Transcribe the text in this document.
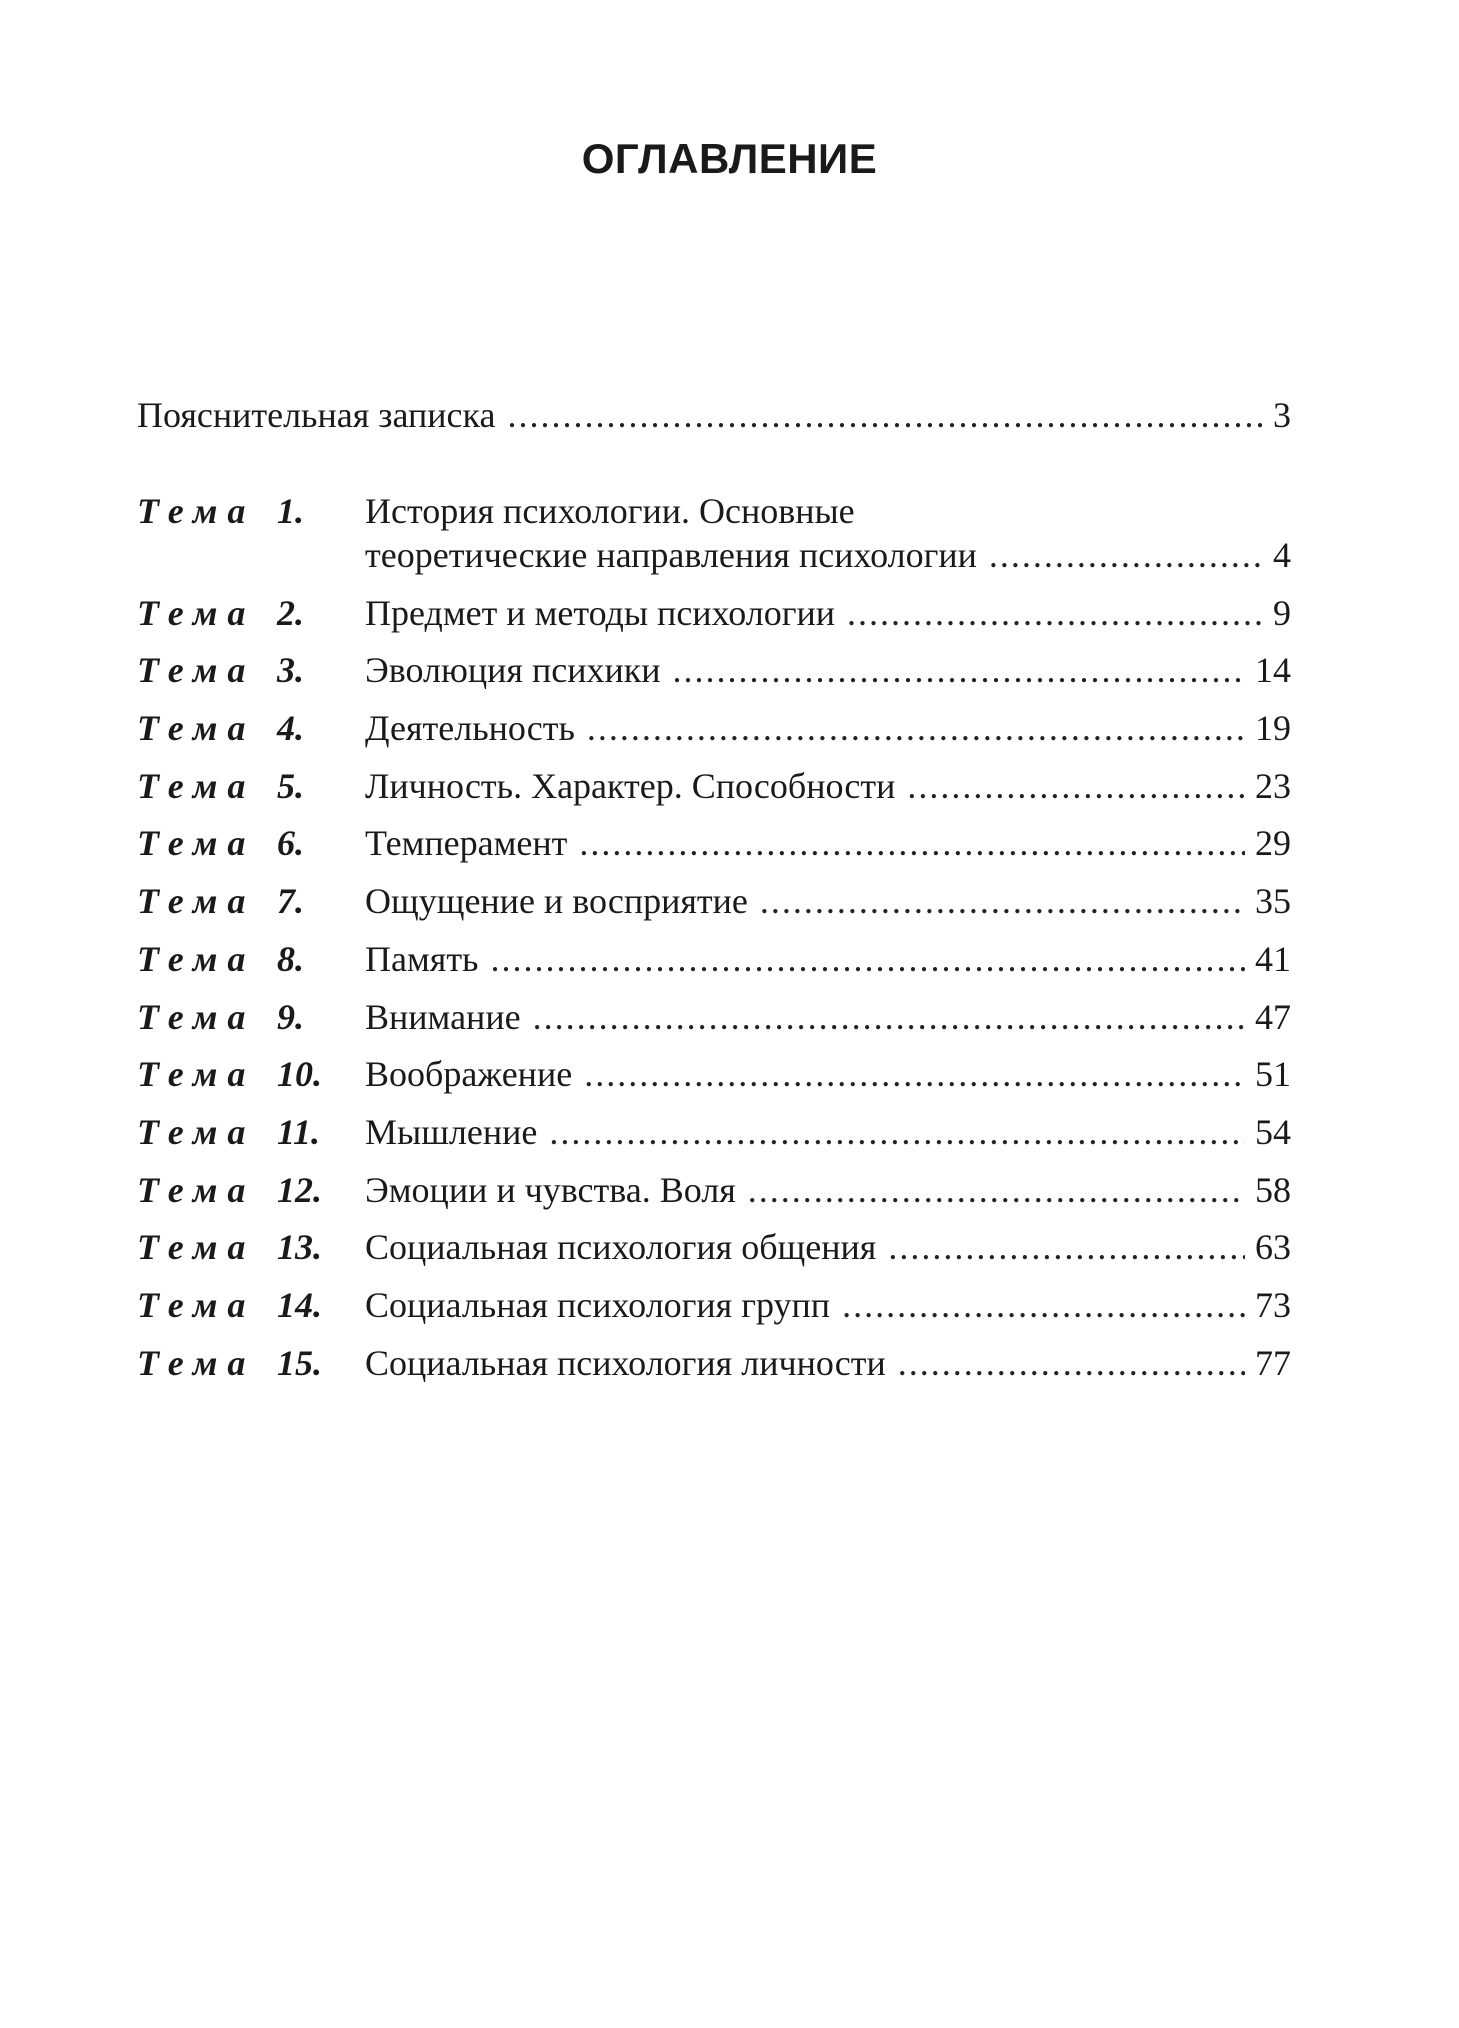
ОГЛАВЛЕНИЕ
Пояснительная записка .....	3
Тема 1. История психологии. Основные
теоретические направления психологии .....	4
Тема 2. Предмет и методы психологии .....	9
Тема 3. Эволюция психики .....	14
Тема 4. Деятельность .....	19
Тема 5. Личность. Характер. Способности .....	23
Тема 6. Темперамент .....	29
Тема 7. Ощущение и восприятие .....	35
Тема 8. Память .....	41
Тема 9. Внимание .....	47
Тема 10. Воображение .....	51
Тема 11. Мышление .....	54
Тема 12. Эмоции и чувства. Воля .....	58
Тема 13. Социальная психология общения .....	63
Тема 14. Социальная психология групп .....	73
Тема 15. Социальная психология личности .....	77
